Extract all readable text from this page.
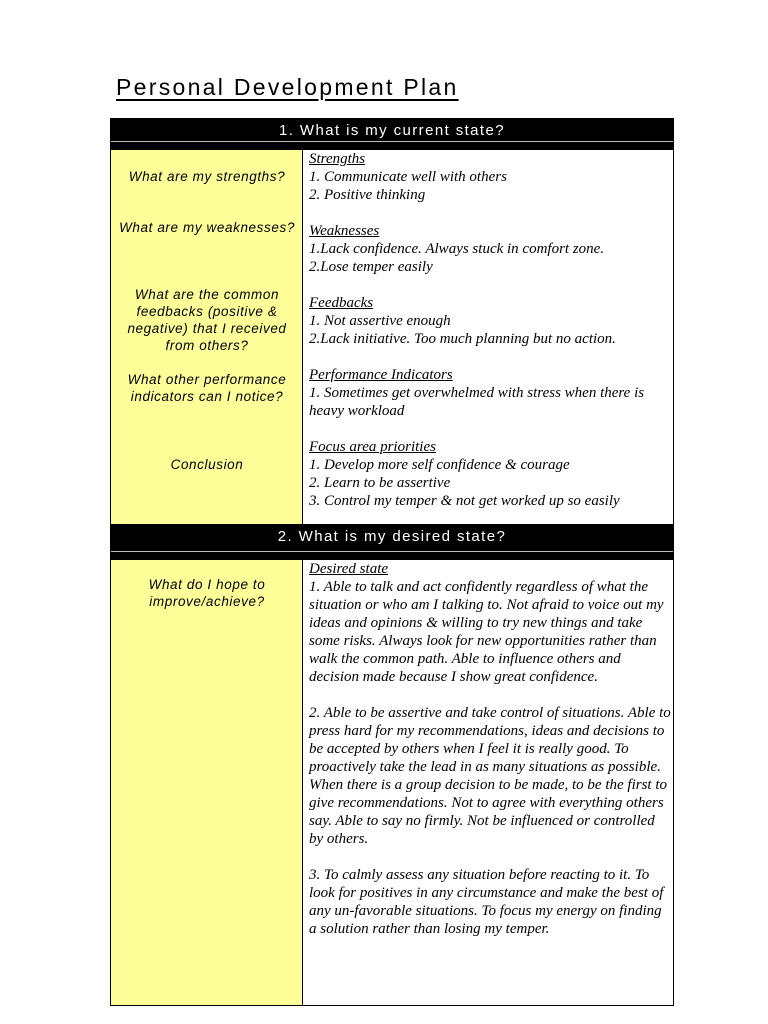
Personal Development Plan
1. What is my current state?
What are my strengths?
What are my weaknesses?
What are the common feedbacks (positive & negative) that I received from others?
What other performance indicators can I notice?
Conclusion

Strengths

1. Communicate well with others

2. Positive thinking

Weaknesses

1.Lack confidence. Always stuck in comfort zone.

2.Lose temper easily

Feedbacks

1. Not assertive enough

2.Lack initiative. Too much planning but no action.

Performance Indicators

1. Sometimes get overwhelmed with stress when there is heavy workload

Focus area priorities

1. Develop more self confidence & courage

2. Learn to be assertive

3. Control my temper & not get worked up so easily

2. What is my desired state?
What do I hope to improve/achieve?

Desired state

1. Able to talk and act confidently regardless of what the situation or who am I talking to. Not afraid to voice out my ideas and opinions & willing to try new things and take some risks. Always look for new opportunities rather than walk the common path. Able to influence others and decision made because I show great confidence.
2. Able to be assertive and take control of situations. Able to press hard for my recommendations, ideas and decisions to be accepted by others when I feel it is really good. To proactively take the lead in as many situations as possible. When there is a group decision to be made, to be the first to give recommendations. Not to agree with everything others say. Able to say no firmly. Not be influenced or controlled by others.
3. To calmly assess any situation before reacting to it. To look for positives in any circumstance and make the best of any un-favorable situations. To focus my energy on finding a solution rather than losing my temper.
